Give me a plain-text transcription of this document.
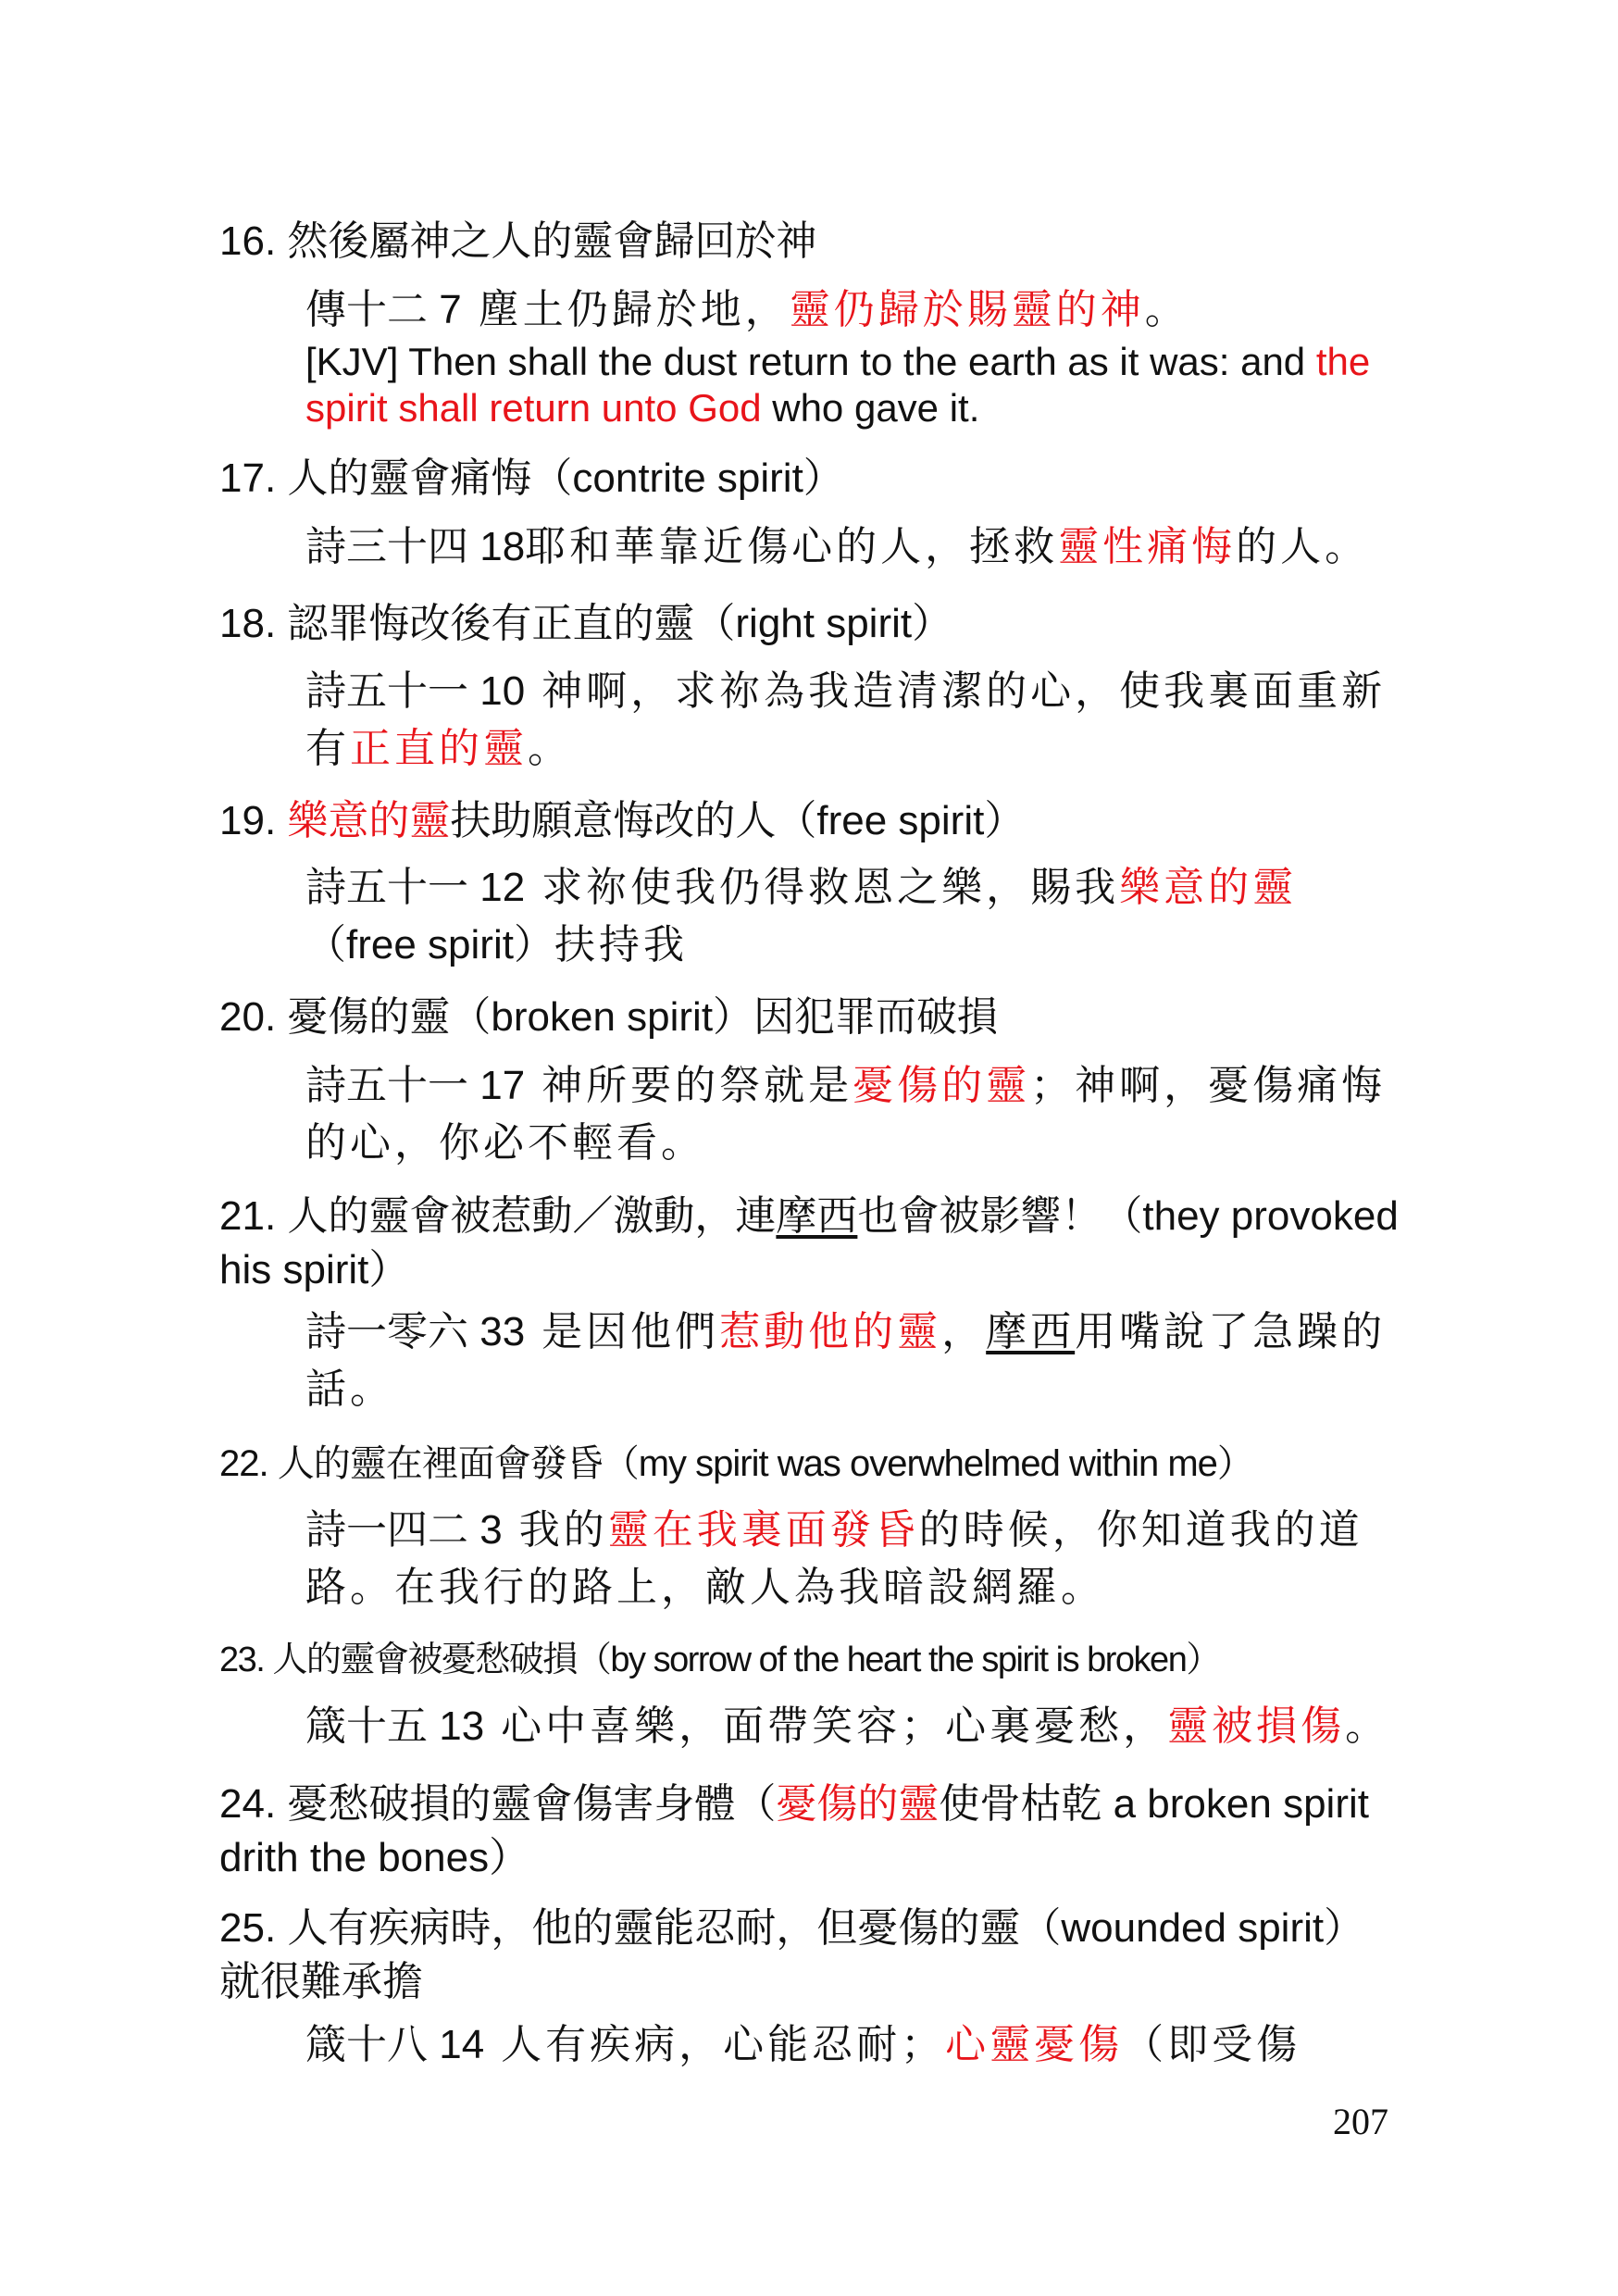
16. 然後屬神之人的靈會歸回於神
傳十二 7 塵土仍歸於地，靈仍歸於賜靈的神。
[KJV] Then shall the dust return to the earth as it was: and the spirit shall return unto God who gave it.
17. 人的靈會痛悔（contrite spirit）
詩三十四 18耶和華靠近傷心的人，拯救靈性痛悔的人。
18. 認罪悔改後有正直的靈（right spirit）
詩五十一 10 神啊，求祢為我造清潔的心，使我裏面重新有正直的靈。
19. 樂意的靈扶助願意悔改的人（free spirit）
詩五十一 12 求祢使我仍得救恩之樂，賜我樂意的靈（free spirit）扶持我
20. 憂傷的靈（broken spirit）因犯罪而破損
詩五十一 17 神所要的祭就是憂傷的靈；神啊，憂傷痛悔的心，你必不輕看。
21. 人的靈會被惹動／激動，連摩西也會被影響！（they provoked his spirit）
詩一零六 33 是因他們惹動他的靈，摩西用嘴說了急躁的話。
22. 人的靈在裡面會發昏（my spirit was overwhelmed within me）
詩一四二 3 我的靈在我裏面發昏的時候，你知道我的道路。在我行的路上，敵人為我暗設網羅。
23. 人的靈會被憂愁破損（by sorrow of the heart the spirit is broken）
箴十五 13 心中喜樂，面帶笑容；心裏憂愁，靈被損傷。
24. 憂愁破損的靈會傷害身體（憂傷的靈使骨枯乾 a broken spirit drith the bones）
25. 人有疾病時，他的靈能忍耐，但憂傷的靈（wounded spirit）就很難承擔
箴十八 14 人有疾病，心能忍耐；心靈憂傷（即受傷
207
